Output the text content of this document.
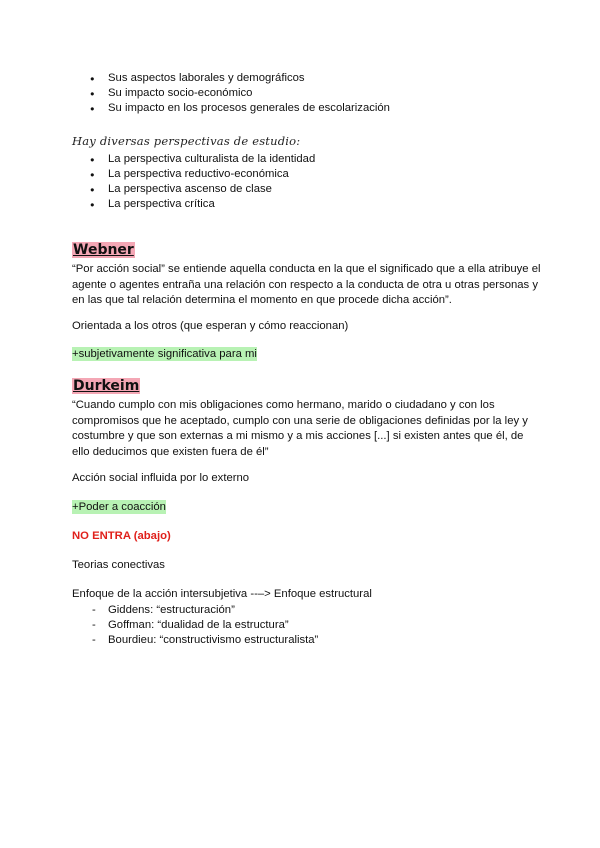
● Sus aspectos laborales y demográficos
● Su impacto socio-económico
● Su impacto en los procesos generales de escolarización
Hay diversas perspectivas de estudio:
● La perspectiva culturalista de la identidad
● La perspectiva reductivo-económica
● La perspectiva ascenso de clase
● La perspectiva crítica
Webner
“Por acción social” se entiende aquella conducta en la que el significado que a ella atribuye el agente o agentes entraña una relación con respecto a la conducta de otra u otras personas y en las que tal relación determina el momento en que procede dicha acción”.
Orientada a los otros (que esperan y cómo reaccionan)
+subjetivamente significativa para mi
Durkeim
“Cuando cumplo con mis obligaciones como hermano, marido o ciudadano y con los compromisos que he aceptado, cumplo con una serie de obligaciones definidas por la ley y costumbre y que son externas a mi mismo y a mis acciones [...] si existen antes que él, de ello deducimos que existen fuera de él”
Acción social influida por lo externo
+Poder a coacción
NO ENTRA (abajo)
Teorias conectivas
Enfoque de la acción intersubjetiva --–> Enfoque estructural
- Giddens: “estructuración”
- Goffman: “dualidad de la estructura”
- Bourdieu: “constructivismo estructuralista”
